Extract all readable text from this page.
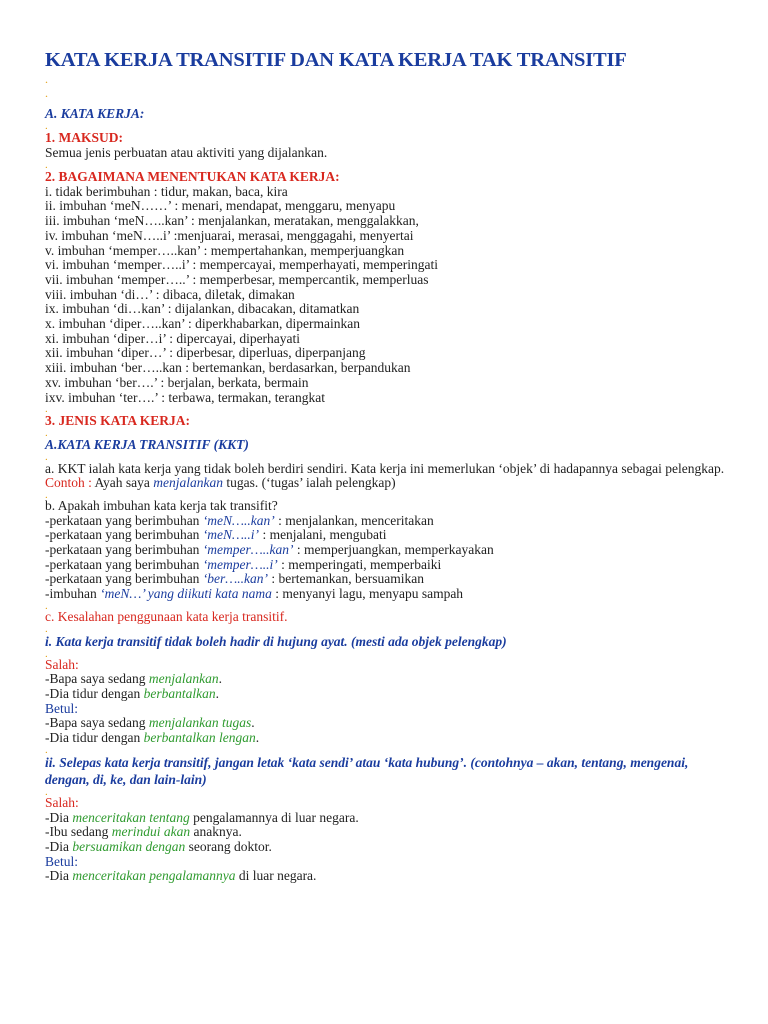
KATA KERJA TRANSITIF DAN KATA KERJA TAK TRANSITIF
.
.
A. KATA KERJA:
.
1. MAKSUD:
Semua jenis perbuatan atau aktiviti yang dijalankan.
.
2. BAGAIMANA MENENTUKAN KATA KERJA:
i. tidak berimbuhan : tidur, makan, baca, kira
ii. imbuhan ‘meN……’ : menari, mendapat, menggaru, menyapu
iii. imbuhan ‘meN…..kan’ : menjalankan, meratakan, menggalakkan,
iv. imbuhan ‘meN…..i’ :menjuarai, merasai, menggagahi, menyertai
v. imbuhan ‘memper…..kan’ : mempertahankan, memperjuangkan
vi. imbuhan ‘memper…..i’ : mempercayai, memperhayati, memperingati
vii. imbuhan ‘memper…..’ : memperbesar, mempercantik, memperluas
viii. imbuhan ‘di…’ : dibaca, diletak, dimakan
ix. imbuhan ‘di…kan’ : dijalankan, dibacakan, ditamatkan
x. imbuhan ‘diper…..kan’ : diperkhabarkan, dipermainkan
xi. imbuhan ‘diper…i’ : dipercayai, diperhayati
xii. imbuhan ‘diper…’ : diperbesar, diperluas, diperpanjang
xiii. imbuhan ‘ber…..kan : bertemankan, berdasarkan, berpandukan
xv. imbuhan ‘ber….’ : berjalan, berkata, bermain
ixv. imbuhan ‘ter….’ : terbawa, termakan, terangkat
.
3. JENIS KATA KERJA:
.
A.KATA KERJA TRANSITIF (KKT)
.
a. KKT ialah kata kerja yang tidak boleh berdiri sendiri. Kata kerja ini memerlukan ‘objek’ di hadapannya sebagai pelengkap.
Contoh : Ayah saya menjalankan tugas. (‘tugas’ ialah pelengkap)
.
b. Apakah imbuhan kata kerja tak transifit?
-perkataan yang berimbuhan ‘meN…..kan’ : menjalankan, menceritakan
-perkataan yang berimbuhan ‘meN…..i’ : menjalani, mengubati
-perkataan yang berimbuhan ‘memper…..kan’ : memperjuangkan, memperkayakan
-perkataan yang berimbuhan ‘memper…..i’ : memperingati, memperbaiki
-perkataan yang berimbuhan ‘ber…..kan’ : bertemankan, bersuamikan
-imbuhan ‘meN…’ yang diikuti kata nama : menyanyi lagu, menyapu sampah
.
c. Kesalahan penggunaan kata kerja transitif.
.
i. Kata kerja transitif tidak boleh hadir di hujung ayat. (mesti ada objek pelengkap)
.
Salah:
-Bapa saya sedang menjalankan.
-Dia tidur dengan berbantalkan.
Betul:
-Bapa saya sedang menjalankan tugas.
-Dia tidur dengan berbantalkan lengan.
.
ii. Selepas kata kerja transitif, jangan letak ‘kata sendi’ atau ‘kata hubung’. (contohnya – akan, tentang, mengenai, dengan, di, ke, dan lain-lain)
.
Salah:
-Dia menceritakan tentang pengalamannya di luar negara.
-Ibu sedang merindui akan anaknya.
-Dia bersuamikan dengan seorang doktor.
Betul:
-Dia menceritakan pengalamannya di luar negara.
